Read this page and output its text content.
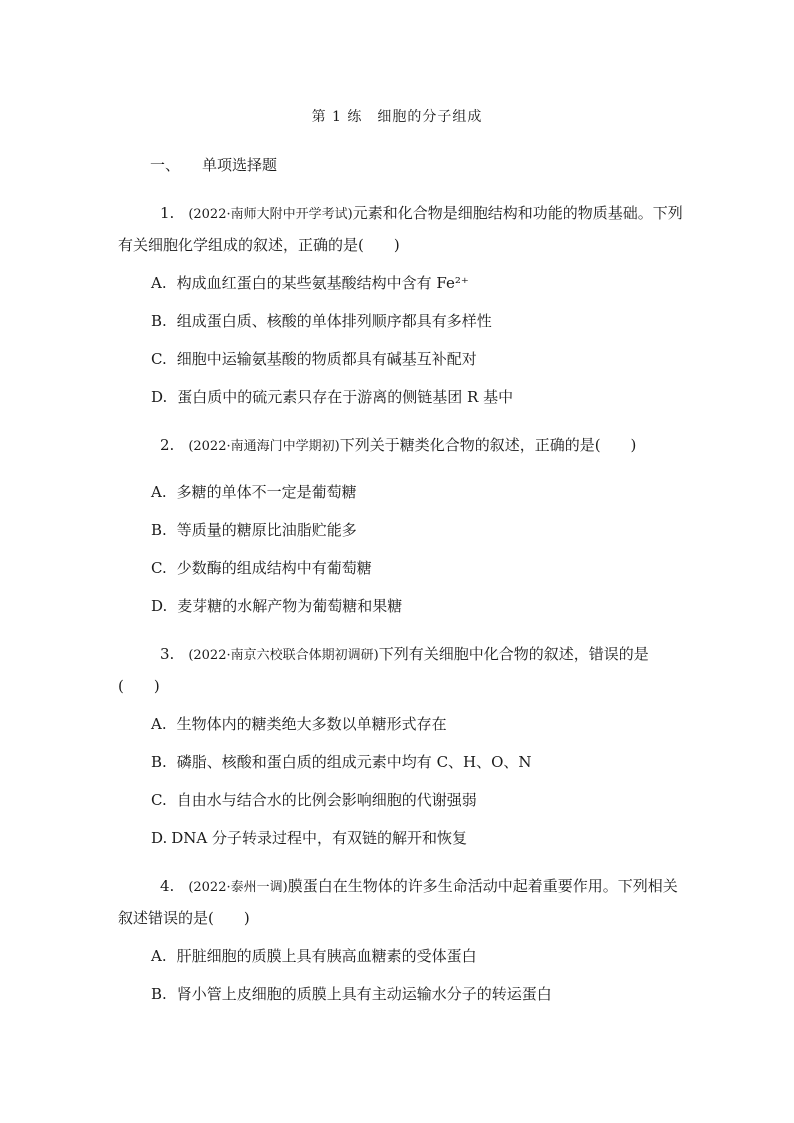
第 1 练　细胞的分子组成
一、 单项选择题
1. (2022·南师大附中开学考试)元素和化合物是细胞结构和功能的物质基础。下列有关细胞化学组成的叙述，正确的是(　　)
A. 构成血红蛋白的某些氨基酸结构中含有 Fe²⁺
B. 组成蛋白质、核酸的单体排列顺序都具有多样性
C. 细胞中运输氨基酸的物质都具有碱基互补配对
D. 蛋白质中的硫元素只存在于游离的侧链基团 R 基中
2. (2022·南通海门中学期初)下列关于糖类化合物的叙述，正确的是(　　)
A. 多糖的单体不一定是葡萄糖
B. 等质量的糖原比油脂贮能多
C. 少数酶的组成结构中有葡萄糖
D. 麦芽糖的水解产物为葡萄糖和果糖
3. (2022·南京六校联合体期初调研)下列有关细胞中化合物的叙述，错误的是(　　)
A. 生物体内的糖类绝大多数以单糖形式存在
B. 磷脂、核酸和蛋白质的组成元素中均有 C、H、O、N
C. 自由水与结合水的比例会影响细胞的代谢强弱
D. DNA 分子转录过程中，有双链的解开和恢复
4. (2022·泰州一调)膜蛋白在生物体的许多生命活动中起着重要作用。下列相关叙述错误的是(　　)
A. 肝脏细胞的质膜上具有胰高血糖素的受体蛋白
B. 肾小管上皮细胞的质膜上具有主动运输水分子的转运蛋白
